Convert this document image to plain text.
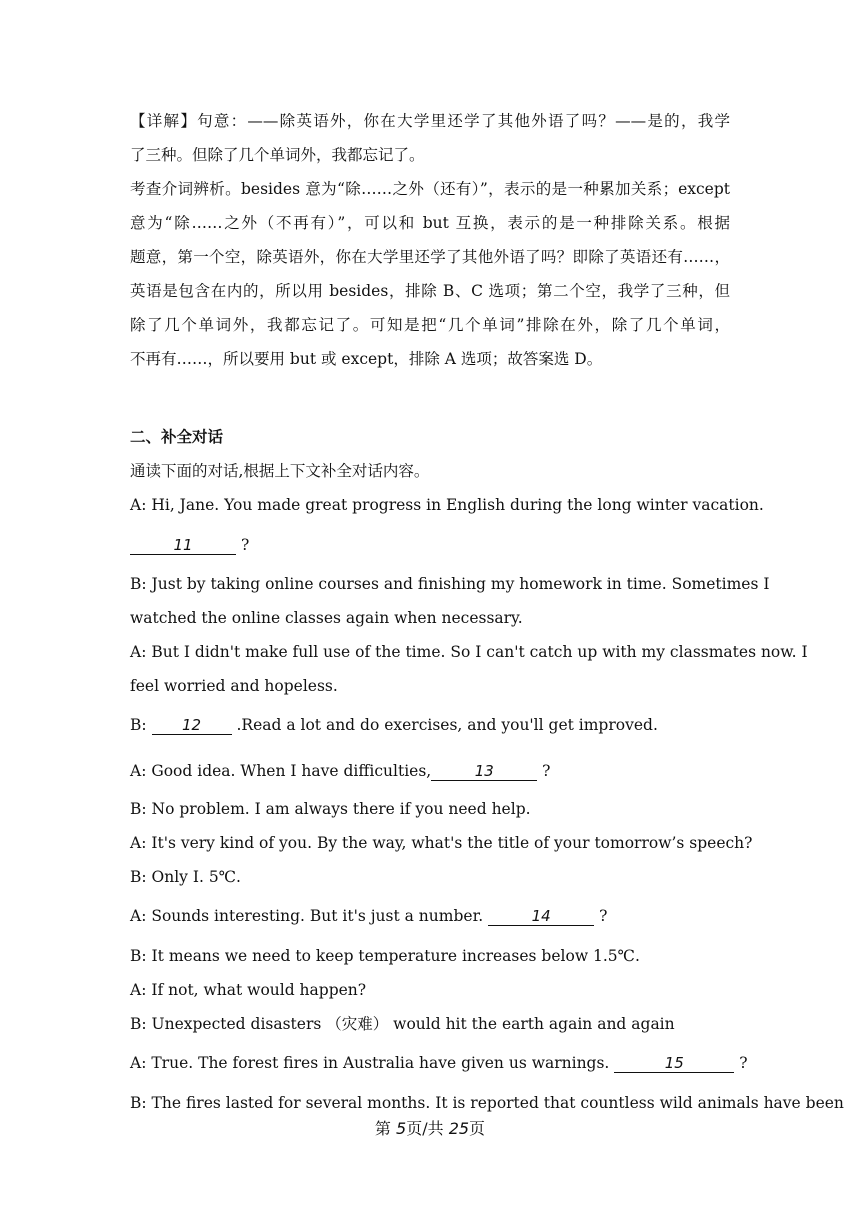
【详解】句意：——除英语外，你在大学里还学了其他外语了吗？——是的，我学
了三种。但除了几个单词外，我都忘记了。
考查介词辨析。besides 意为“除……之外（还有）”，表示的是一种累加关系；except
意为“除……之外（不再有）”，可以和 but 互换，表示的是一种排除关系。根据
题意，第一个空，除英语外，你在大学里还学了其他外语了吗？即除了英语还有……，
英语是包含在内的，所以用 besides，排除 B、C 选项；第二个空，我学了三种，但
除了几个单词外，我都忘记了。可知是把“几个单词”排除在外，除了几个单词，
不再有……，所以要用 but 或 except，排除 A 选项；故答案选 D。
二、补全对话
通读下面的对话,根据上下文补全对话内容。
A: Hi, Jane. You made great progress in English during the long winter vacation.
11	?
B: Just by taking online courses and finishing my homework in time. Sometimes I
watched the online classes again when necessary.
A: But I didn't make full use of the time. So I can't catch up with my classmates now. I
feel worried and hopeless.
B: 12 .Read a lot and do exercises, and you'll get improved.
A: Good idea. When I have difficulties,	13	?
B: No problem. I am always there if you need help.
A: It's very kind of you. By the way, what's the title of your tomorrow’s speech?
B: Only I. 5℃.
A: Sounds interesting. But it's just a number.	14	?
B: It means we need to keep temperature increases below 1.5℃.
A: If not, what would happen?
B: Unexpected disasters （灾难） would hit the earth again and again
A: True. The forest fires in Australia have given us warnings.	15	?
B: The fires lasted for several months. It is reported that countless wild animals have been
第 5页/共 25页
